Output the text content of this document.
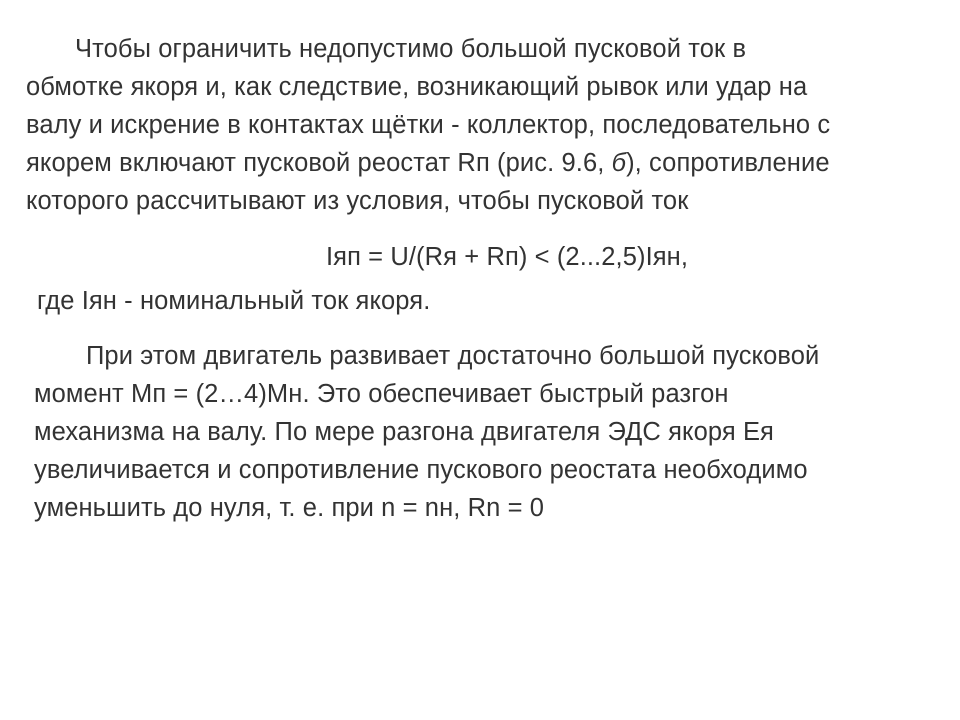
Чтобы ограничить недопустимо большой пусковой ток в
обмотке якоря и, как следствие, возникающий рывок или удар на
валу и искрение в контактах щётки - коллектор, последовательно с
якорем включают пусковой реостат Rп (рис. 9.6, б), сопротивление
которого рассчитывают из условия, чтобы пусковой ток
Iяп = U/(Rя + Rп) < (2...2,5)Iян,
где Iян - номинальный ток якоря.
При этом двигатель развивает достаточно большой пусковой
момент Мп = (2…4)Мн. Это обеспечивает быстрый разгон
механизма на валу. По мере разгона двигателя ЭДС якоря Ея
увеличивается и сопротивление пускового реостата необходимо
уменьшить до нуля, т. е. при n = nн, Rn = 0
